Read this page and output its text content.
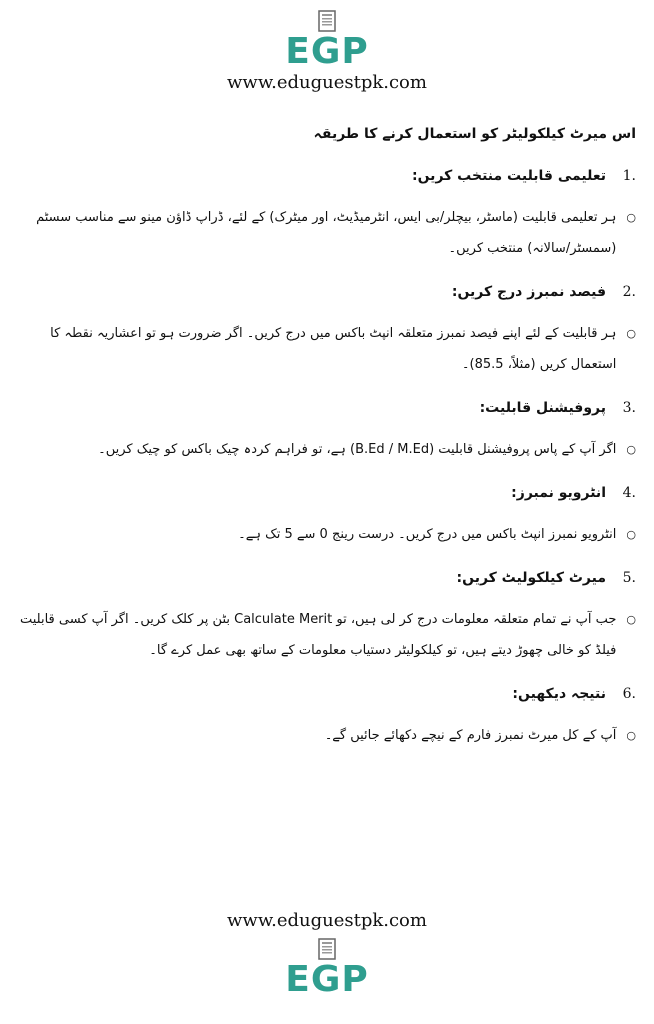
EGP
www.eduguestpk.com
اس میرٹ کیلکولیٹر کو استعمال کرنے کا طریقہ
1.
تعلیمی قابلیت منتخب کریں:
○
ہر تعلیمی قابلیت (ماسٹر، بیچلر/بی ایس، انٹرمیڈیٹ، اور میٹرک) کے لئے، ڈراپ ڈاؤن مینو سے مناسب سسٹم (سمسٹر/سالانہ) منتخب کریں۔
2.
فیصد نمبرز درج کریں:
○
ہر قابلیت کے لئے اپنے فیصد نمبرز متعلقہ انپٹ باکس میں درج کریں۔ اگر ضرورت ہو تو اعشاریہ نقطہ کا استعمال کریں (مثلاً، 85.5)۔
3.
پروفیشنل قابلیت:
○
اگر آپ کے پاس پروفیشنل قابلیت (B.Ed / M.Ed) ہے، تو فراہم کردہ چیک باکس کو چیک کریں۔
4.
انٹرویو نمبرز:
○
انٹرویو نمبرز انپٹ باکس میں درج کریں۔ درست رینج 0 سے 5 تک ہے۔
5.
میرٹ کیلکولیٹ کریں:
○
جب آپ نے تمام متعلقہ معلومات درج کر لی ہیں، تو Calculate Merit بٹن پر کلک کریں۔ اگر آپ کسی قابلیت فیلڈ کو خالی چھوڑ دیتے ہیں، تو کیلکولیٹر دستیاب معلومات کے ساتھ بھی عمل کرے گا۔
6.
نتیجہ دیکھیں:
○
آپ کے کل میرٹ نمبرز فارم کے نیچے دکھائے جائیں گے۔
www.eduguestpk.com
EGP
